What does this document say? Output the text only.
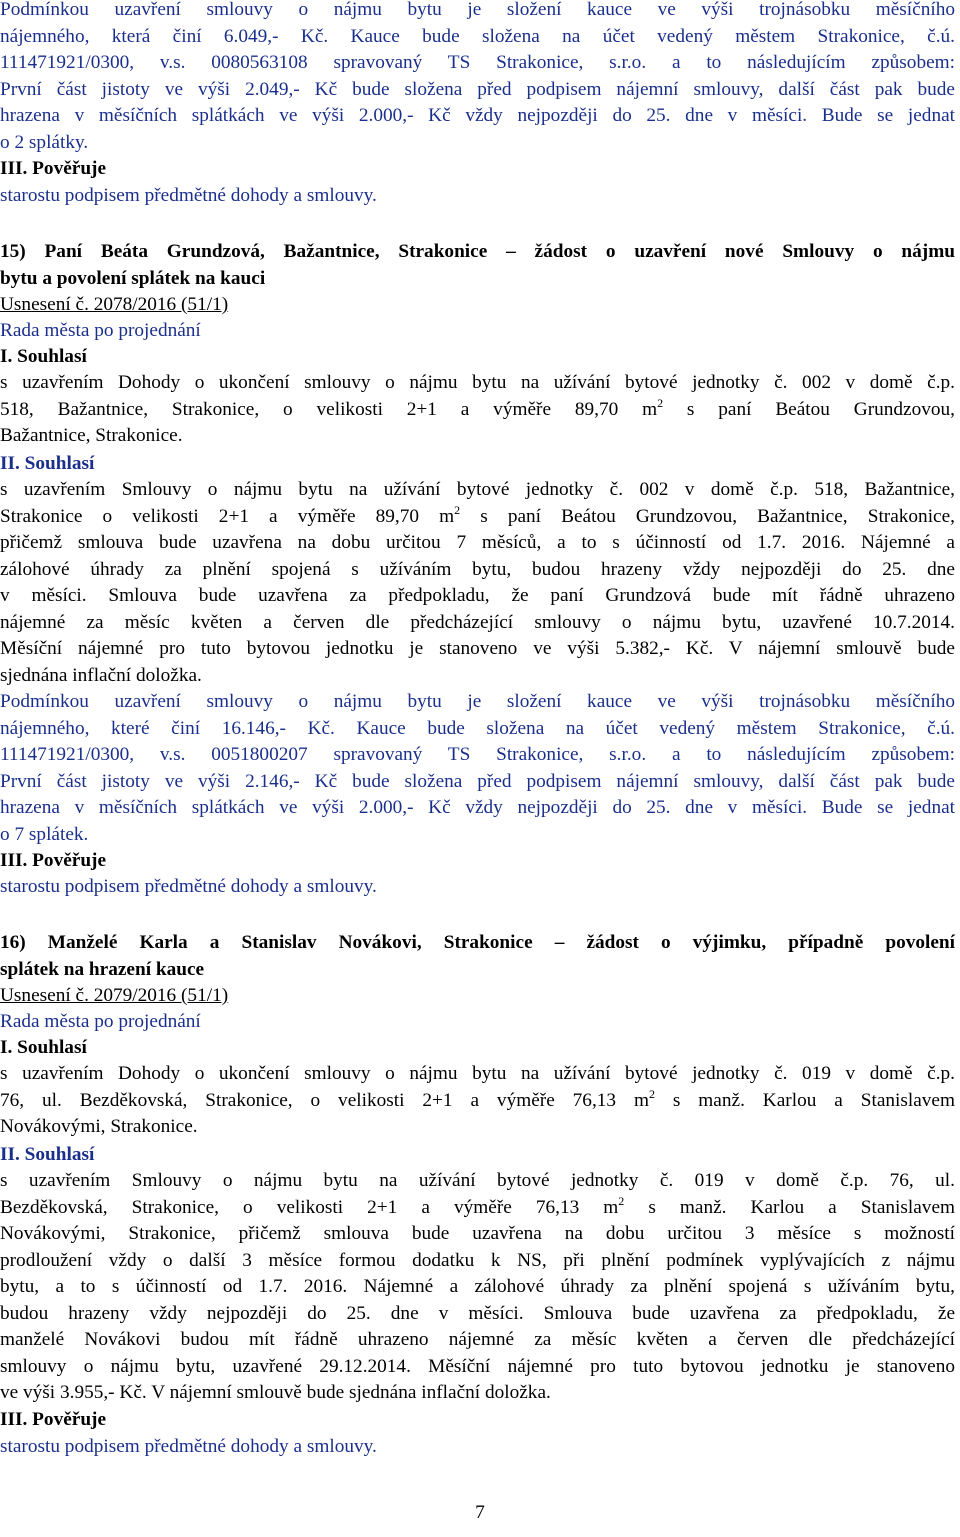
Podmínkou uzavření smlouvy o nájmu bytu je složení kauce ve výši trojnásobku měsíčního
nájemného, která činí 6.049,- Kč. Kauce bude složena na účet vedený městem Strakonice, č.ú.
111471921/0300, v.s. 0080563108 spravovaný TS Strakonice, s.r.o. a to následujícím způsobem:
První část jistoty ve výši 2.049,- Kč bude složena před podpisem nájemní smlouvy, další část pak bude
hrazena v měsíčních splátkách ve výši 2.000,- Kč vždy nejpozději do 25. dne v měsíci. Bude se jednat
o 2 splátky.
III. Pověřuje
starostu podpisem předmětné dohody a smlouvy.
15) Paní Beáta Grundzová, Bažantnice, Strakonice – žádost o uzavření nové Smlouvy o nájmu
bytu a povolení splátek na kauci
Usnesení č. 2078/2016 (51/1)
Rada města po projednání
I. Souhlasí
s uzavřením Dohody o ukončení smlouvy o nájmu bytu na užívání bytové jednotky č. 002 v domě č.p.
518, Bažantnice, Strakonice, o velikosti 2+1 a výměře 89,70 $m^2$ s paní Beátou Grundzovou,
Bažantnice, Strakonice.
II. Souhlasí
s uzavřením Smlouvy o nájmu bytu na užívání bytové jednotky č. 002 v domě č.p. 518, Bažantnice,
Strakonice o velikosti 2+1 a výměře 89,70 $m^2$ s paní Beátou Grundzovou, Bažantnice, Strakonice,
přičemž smlouva bude uzavřena na dobu určitou 7 měsíců, a to s účinností od 1.7. 2016. Nájemné a
zálohové úhrady za plnění spojená s užíváním bytu, budou hrazeny vždy nejpozději do 25. dne
v měsíci. Smlouva bude uzavřena za předpokladu, že paní Grundzová bude mít řádně uhrazeno
nájemné za měsíc květen a červen dle předcházející smlouvy o nájmu bytu, uzavřené 10.7.2014.
Měsíční nájemné pro tuto bytovou jednotku je stanoveno ve výši 5.382,- Kč. V nájemní smlouvě bude
sjednána inflační doložka.
Podmínkou uzavření smlouvy o nájmu bytu je složení kauce ve výši trojnásobku měsíčního
nájemného, které činí 16.146,- Kč. Kauce bude složena na účet vedený městem Strakonice, č.ú.
111471921/0300, v.s. 0051800207 spravovaný TS Strakonice, s.r.o. a to následujícím způsobem:
První část jistoty ve výši 2.146,- Kč bude složena před podpisem nájemní smlouvy, další část pak bude
hrazena v měsíčních splátkách ve výši 2.000,- Kč vždy nejpozději do 25. dne v měsíci. Bude se jednat
o 7 splátek.
III. Pověřuje
starostu podpisem předmětné dohody a smlouvy.
16) Manželé Karla a Stanislav Novákovi, Strakonice – žádost o výjimku, případně povolení
splátek na hrazení kauce
Usnesení č. 2079/2016 (51/1)
Rada města po projednání
I. Souhlasí
s uzavřením Dohody o ukončení smlouvy o nájmu bytu na užívání bytové jednotky č. 019 v domě č.p.
76, ul. Bezděkovská, Strakonice, o velikosti 2+1 a výměře 76,13 $m^2$ s manž. Karlou a Stanislavem
Novákovými, Strakonice.
II. Souhlasí
s uzavřením Smlouvy o nájmu bytu na užívání bytové jednotky č. 019 v domě č.p. 76, ul.
Bezděkovská, Strakonice, o velikosti 2+1 a výměře 76,13 $m^2$ s manž. Karlou a Stanislavem
Novákovými, Strakonice, přičemž smlouva bude uzavřena na dobu určitou 3 měsíce s možností
prodloužení vždy o další 3 měsíce formou dodatku k NS, při plnění podmínek vyplývajících z nájmu
bytu, a to s účinností od 1.7. 2016. Nájemné a zálohové úhrady za plnění spojená s užíváním bytu,
budou hrazeny vždy nejpozději do 25. dne v měsíci. Smlouva bude uzavřena za předpokladu, že
manželé Novákovi budou mít řádně uhrazeno nájemné za měsíc květen a červen dle předcházející
smlouvy o nájmu bytu, uzavřené 29.12.2014. Měsíční nájemné pro tuto bytovou jednotku je stanoveno
ve výši 3.955,- Kč. V nájemní smlouvě bude sjednána inflační doložka.
III. Pověřuje
starostu podpisem předmětné dohody a smlouvy.
7
